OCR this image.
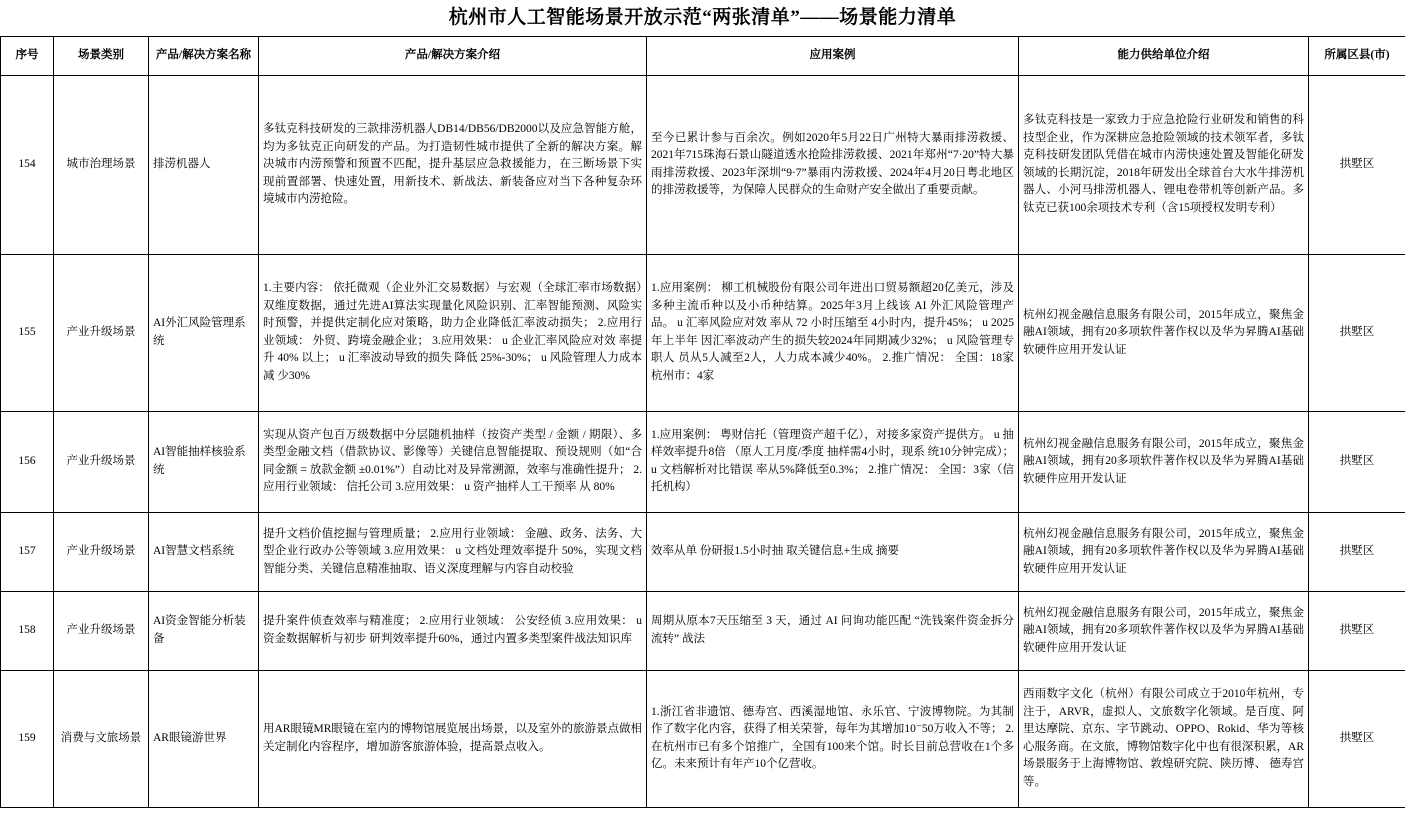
杭州市人工智能场景开放示范“两张清单”——场景能力清单
序号	场景类别	产品/解决方案名称	产品/解决方案介绍	应用案例	能力供给单位介绍	所属区县(市)
154	城市治理场景	排涝机器人	多钛克科技研发的三款排涝机器人DB14/DB56/DB2000以及应急智能方舱，均为多钛克正向研发的产品。为打造韧性城市提供了全新的解决方案。解决城市内涝预警和预置不匹配，提升基层应急救援能力，在三断场景下实现前置部署、快速处置，用新技术、新战法、新装备应对当下各种复杂环境城市内涝抢险。	至今已累计参与百余次。例如2020年5月22日广州特大暴雨排涝救援、2021年715珠海石景山隧道透水抢险排涝救援、2021年郑州“7·20”特大暴雨排涝救援、2023年深圳“9·7”暴雨内涝救援、2024年4月20日粤北地区的排涝救援等，为保障人民群众的生命财产安全做出了重要贡献。	多钛克科技是一家致力于应急抢险行业研发和销售的科技型企业，作为深耕应急抢险领域的技术领军者，多钛克科技研发团队凭借在城市内涝快速处置及智能化研发领域的长期沉淀，2018年研发出全球首台大水牛排涝机器人、小河马排涝机器人、锂电卷带机等创新产品。多钛克已获100余项技术专利（含15项授权发明专利）	拱墅区
155	产业升级场景	AI外汇风险管理系统	1.主要内容： 依托微观（企业外汇交易数据）与宏观（全球汇率市场数据）双维度数据，通过先进AI算法实现量化风险识别、汇率智能预测、风险实时预警，并提供定制化应对策略，助力企业降低汇率波动损失； 2.应用行业领域： 外贸、跨境金融企业； 3.应用效果： u 企业汇率风险应对效 率提升 40% 以上； u 汇率波动导致的损失 降低 25%-30%； u 风险管理人力成本减 少30%	1.应用案例： 柳工机械股份有限公司年进出口贸易额超20亿美元，涉及多种主流币种以及小币种结算。2025年3月上线该 AI 外汇风险管理产品。 u 汇率风险应对效 率从 72 小时压缩至 4小时内，提升45%； u 2025年上半年 因汇率波动产生的损失较2024年同期减少32%； u 风险管理专职人 员从5人减至2人，人力成本减少40%。 2.推广情况： 全国：18家 杭州市：4家	杭州幻视金融信息服务有限公司，2015年成立，聚焦金融AI领域，拥有20多项软件著作权以及华为昇腾AI基础软硬件应用开发认证	拱墅区
156	产业升级场景	AI智能抽样核验系统	实现从资产包百万级数据中分层随机抽样（按资产类型 / 金额 / 期限）、多类型金融文档（借款协议、影像等）关键信息智能提取、预设规则（如“合同金额 = 放款金额 ±0.01%”）自动比对及异常溯源，效率与准确性提升； 2.应用行业领域： 信托公司 3.应用效果： u 资产抽样人工干预率 从 80%	1.应用案例： 粤财信托（管理资产超千亿），对接多家资产提供方。 u 抽样效率提升8倍 （原人工月度/季度 抽样需4小时，现系 统10分钟完成）； u 文档解析对比错误 率从5%降低至0.3%； 2.推广情况： 全国：3家（信托机构）	杭州幻视金融信息服务有限公司，2015年成立，聚焦金融AI领域，拥有20多项软件著作权以及华为昇腾AI基础软硬件应用开发认证	拱墅区
157	产业升级场景	AI智慧文档系统	提升文档价值挖掘与管理质量； 2.应用行业领域： 金融、政务、法务、大型企业行政办公等领域 3.应用效果： u 文档处理效率提升 50%，实现文档智能分类、关键信息精准抽取、语义深度理解与内容自动校验	效率从单 份研报1.5小时抽 取关键信息+生成 摘要	杭州幻视金融信息服务有限公司，2015年成立，聚焦金融AI领域，拥有20多项软件著作权以及华为昇腾AI基础软硬件应用开发认证	拱墅区
158	产业升级场景	AI资金智能分析装备	提升案件侦查效率与精准度； 2.应用行业领域： 公安经侦 3.应用效果： u 资金数据解析与初步 研判效率提升60%，通过内置多类型案件战法知识库	周期从原本7天压缩至 3 天，通过 AI 问询功能匹配 “洗钱案件资金拆分流转” 战法	杭州幻视金融信息服务有限公司，2015年成立，聚焦金融AI领域，拥有20多项软件著作权以及华为昇腾AI基础软硬件应用开发认证	拱墅区
159	消费与文旅场景	AR眼镜游世界	用AR眼镜MR眼镜在室内的博物馆展览展出场景，以及室外的旅游景点做相关定制化内容程序，增加游客旅游体验，提高景点收入。	1.浙江省非遗馆、德寿宫、西溪湿地馆、永乐官、宁波博物院。为其制作了数字化内容，获得了相关荣誉，每年为其增加10⁻50万收入不等； 2.在杭州市已有多个馆推广，全国有100来个馆。时长目前总营收在1个多亿。未来预计有年产10个亿营收。	西雨数字文化（杭州）有限公司成立于2010年杭州，专注于，ARVR，虚拟人、文旅数字化领域。是百度、阿里达摩院、京东、字节跳动、OPPO、Rokid、华为等核心服务商。在文旅，博物馆数字化中也有很深积累，AR场景服务于上海博物馆、敦煌研究院、陕历博、 德寿宫等。	拱墅区
